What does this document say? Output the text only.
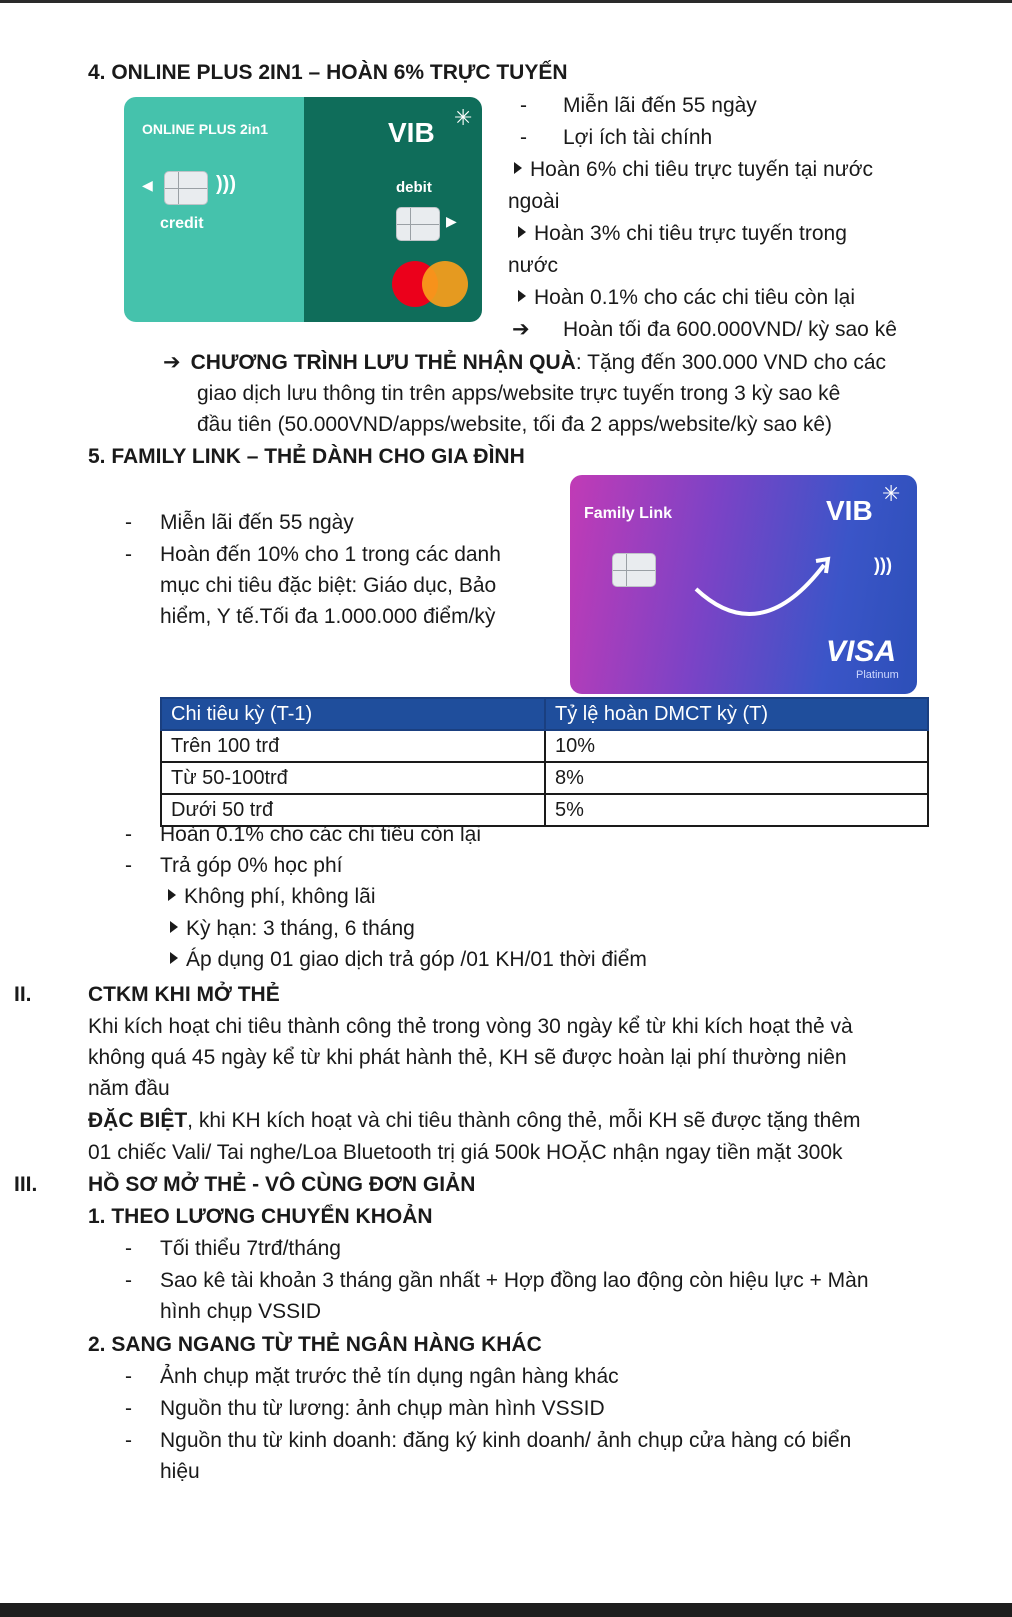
4. ONLINE PLUS 2IN1 – HOÀN 6% TRỰC TUYẾN
ONLINE PLUS 2in1
◀	)))
credit
VIB ✳
debit
▶
- Miễn lãi đến 55 ngày
- Lợi ích tài chính
Hoàn 6% chi tiêu trực tuyến tại nước
ngoài
Hoàn 3% chi tiêu trực tuyến trong
nước
Hoàn 0.1% cho các chi tiêu còn lại
➔	Hoàn tối đa 600.000VND/ kỳ sao kê
➔ CHƯƠNG TRÌNH LƯU THẺ NHẬN QUÀ: Tặng đến 300.000 VND cho các
giao dịch lưu thông tin trên apps/website trực tuyến trong 3 kỳ sao kê
đầu tiên (50.000VND/apps/website, tối đa 2 apps/website/kỳ sao kê)
5. FAMILY LINK – THẺ DÀNH CHO GIA ĐÌNH
- Miễn lãi đến 55 ngày
- Hoàn đến 10% cho 1 trong các danh
mục chi tiêu đặc biệt: Giáo dục, Bảo
hiểm, Y tế.Tối đa 1.000.000 điểm/kỳ
Family Link	VIB
✳
)))
VISA
Platinum
Chi tiêu kỳ (T-1)	Tỷ lệ hoàn DMCT kỳ (T)
Trên 100 trđ	10%
Từ 50-100trđ	8%
Dưới 50 trđ	5%
- Hoàn 0.1% cho các chi tiêu còn lại
- Trả góp 0% học phí
Không phí, không lãi
Kỳ hạn: 3 tháng, 6 tháng
Áp dụng 01 giao dịch trả góp /01 KH/01 thời điểm
II.	CTKM KHI MỞ THẺ
Khi kích hoạt chi tiêu thành công thẻ trong vòng 30 ngày kể từ khi kích hoạt thẻ và
không quá 45 ngày kể từ khi phát hành thẻ, KH sẽ được hoàn lại phí thường niên
năm đầu
ĐẶC BIỆT, khi KH kích hoạt và chi tiêu thành công thẻ, mỗi KH sẽ được tặng thêm
01 chiếc Vali/ Tai nghe/Loa Bluetooth trị giá 500k HOẶC nhận ngay tiền mặt 300k
III. HỒ SƠ MỞ THẺ - VÔ CÙNG ĐƠN GIẢN
1. THEO LƯƠNG CHUYỂN KHOẢN
- Tối thiểu 7trđ/tháng
- Sao kê tài khoản 3 tháng gần nhất + Hợp đồng lao động còn hiệu lực + Màn
hình chụp VSSID
2. SANG NGANG TỪ THẺ NGÂN HÀNG KHÁC
- Ảnh chụp mặt trước thẻ tín dụng ngân hàng khác
- Nguồn thu từ lương: ảnh chụp màn hình VSSID
- Nguồn thu từ kinh doanh: đăng ký kinh doanh/ ảnh chụp cửa hàng có biển
hiệu
